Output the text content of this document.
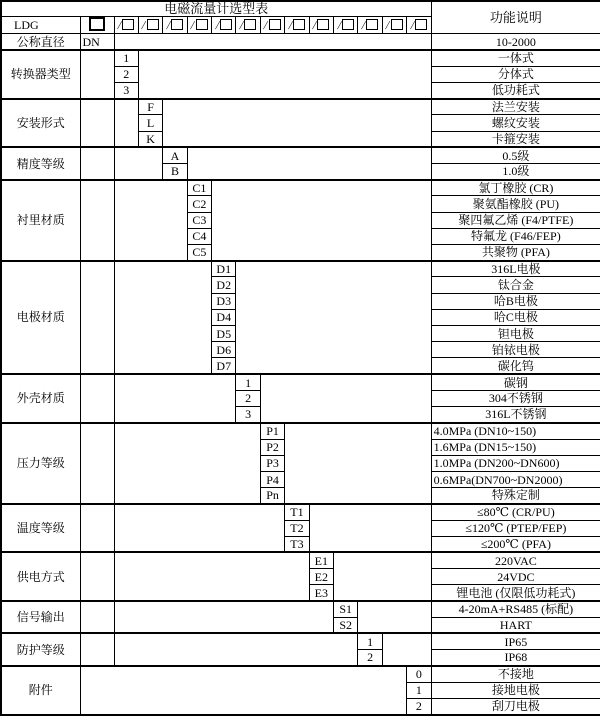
电磁流量计选型表															功能说明
LDG		/	/	/	/	/	/	/	/	/	/	/	/	/	
公称直径	DN														10-2000
转换器类型		1													一体式
		2													分体式
		3													低功耗式
安装形式			F												法兰安装
			L												螺纹安装
			K												卡箍安装
精度等级				A											0.5级
				B											1.0级
衬里材质					C1										氯丁橡胶 (CR)
					C2										聚氨酯橡胶 (PU)
					C3										聚四氟乙烯 (F4/PTFE)
					C4										特氟龙 (F46/FEP)
					C5										共聚物 (PFA)
电极材质						D1									316L电极
						D2									钛合金
						D3									哈B电极
						D4									哈C电极
						D5									钽电极
						D6									铂铱电极
						D7									碳化钨
外壳材质							1								碳钢
							2								304不锈钢
							3								316L不锈钢
压力等级								P1							4.0MPa (DN10~150)
								P2							1.6MPa (DN15~150)
								P3							1.0MPa (DN200~DN600)
								P4							0.6MPa(DN700~DN2000)
								Pn							特殊定制
温度等级									T1						≤80℃ (CR/PU)
									T2						≤120℃ (PTEP/FEP)
									T3						≤200℃ (PFA)
供电方式										E1					220VAC
										E2					24VDC
										E3					锂电池 (仅限低功耗式)
信号输出											S1				4-20mA+RS485 (标配)
											S2				HART
防护等级												1			IP65
												2			IP68
附件														0	不接地
														1	接地电极
														2	刮刀电极
